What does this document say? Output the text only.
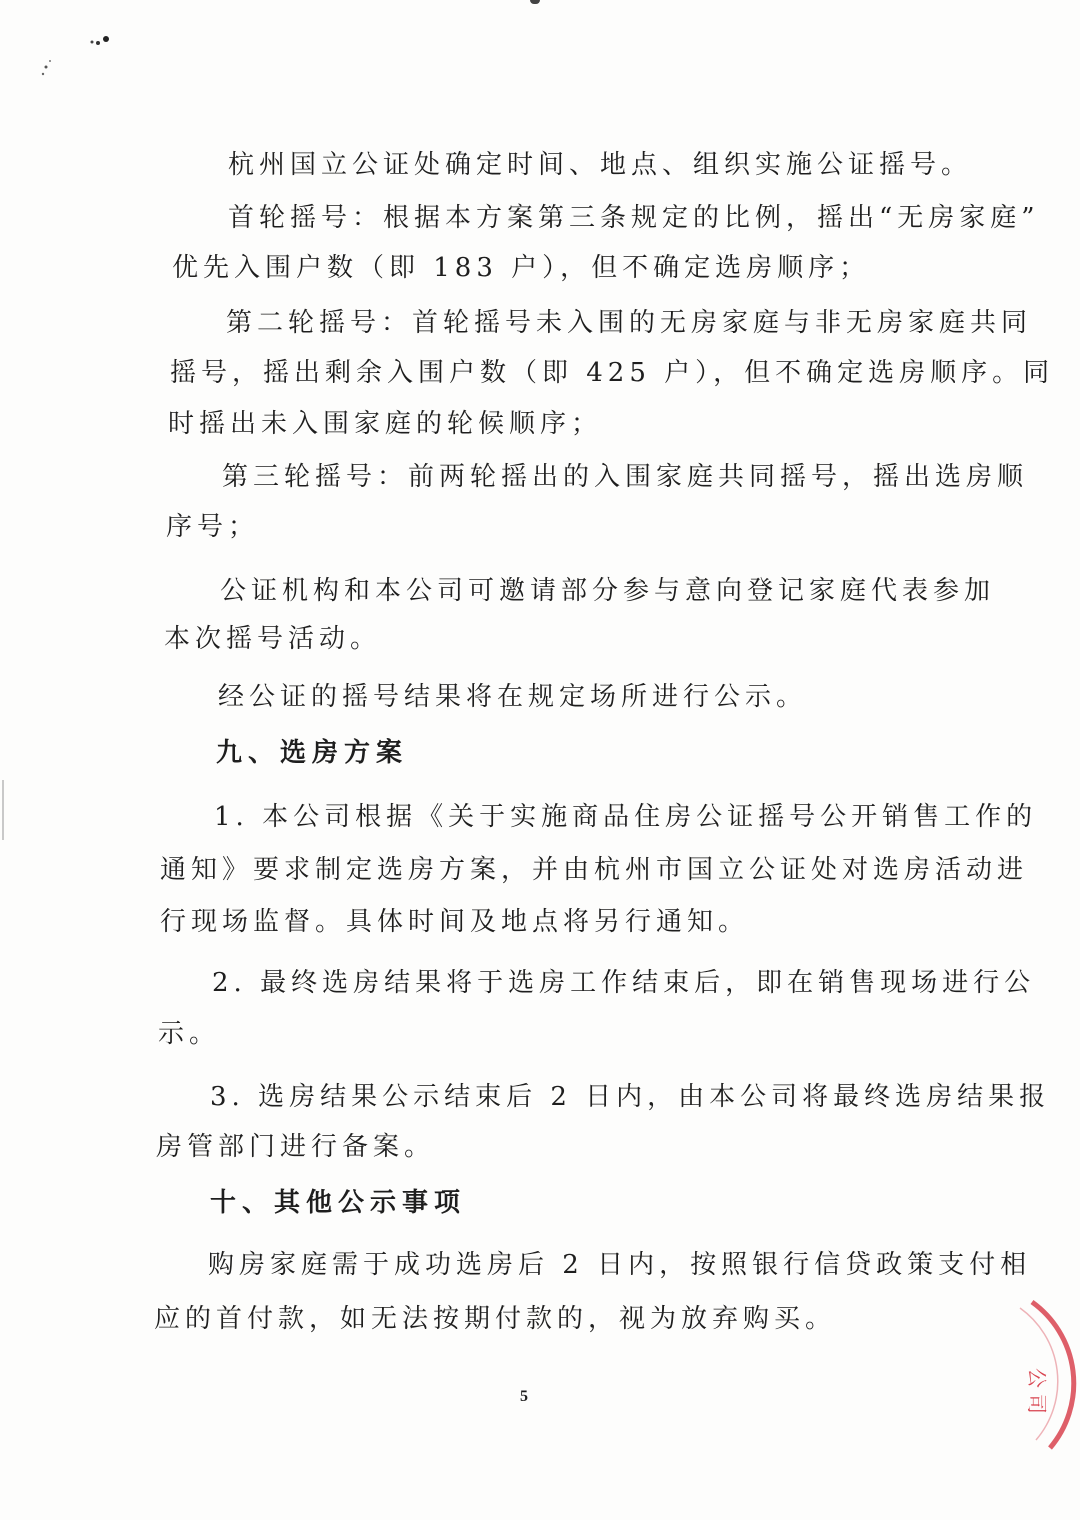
杭州国立公证处确定时间、地点、组织实施公证摇号。
首轮摇号：根据本方案第三条规定的比例，摇出“无房家庭”
优先入围户数（即 183 户），但不确定选房顺序；
第二轮摇号：首轮摇号未入围的无房家庭与非无房家庭共同
摇号，摇出剩余入围户数（即 425 户），但不确定选房顺序。同
时摇出未入围家庭的轮候顺序；
第三轮摇号：前两轮摇出的入围家庭共同摇号，摇出选房顺
序号；
公证机构和本公司可邀请部分参与意向登记家庭代表参加
本次摇号活动。
经公证的摇号结果将在规定场所进行公示。
九、选房方案
1. 本公司根据《关于实施商品住房公证摇号公开销售工作的
通知》要求制定选房方案，并由杭州市国立公证处对选房活动进
行现场监督。具体时间及地点将另行通知。
2. 最终选房结果将于选房工作结束后，即在销售现场进行公
示。
3. 选房结果公示结束后 2 日内，由本公司将最终选房结果报
房管部门进行备案。
十、其他公示事项
购房家庭需于成功选房后 2 日内，按照银行信贷政策支付相
应的首付款，如无法按期付款的，视为放弃购买。
5
公
司
